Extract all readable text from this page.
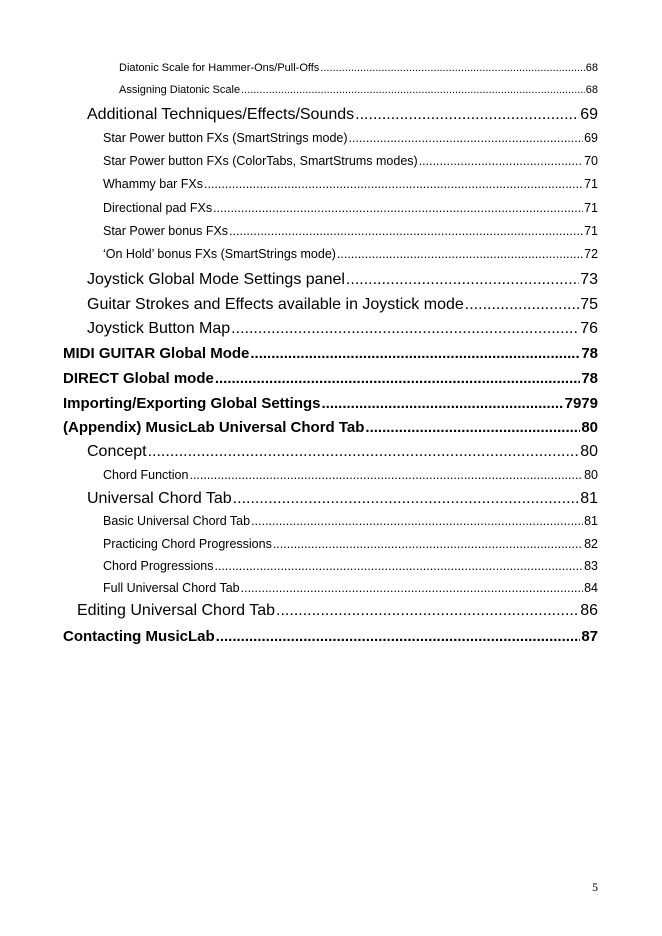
Diatonic Scale for Hammer-Ons/Pull-Offs .....	68
Assigning Diatonic Scale .....	68
Additional Techniques/Effects/Sounds .....	69
Star Power button FXs (SmartStrings mode) .....	69
Star Power button FXs (ColorTabs, SmartStrums modes) .....	70
Whammy bar FXs .....	71
Directional pad FXs .....	71
Star Power bonus FXs .....	71
‘On Hold’ bonus FXs (SmartStrings mode) .....	72
Joystick Global Mode Settings panel .....	73
Guitar Strokes and Effects available in Joystick mode .....	75
Joystick Button Map .....	76
MIDI GUITAR Global Mode .....	78
DIRECT Global mode .....	78
Importing/Exporting Global Settings .....	7979
(Appendix) MusicLab Universal Chord Tab .....	80
Concept .....	80
Chord Function .....	80
Universal Chord Tab .....	81
Basic Universal Chord Tab .....	81
Practicing Chord Progressions .....	82
Chord Progressions .....	83
Full Universal Chord Tab .....	84
Editing Universal Chord Tab .....	86
Contacting MusicLab .....	87
5
